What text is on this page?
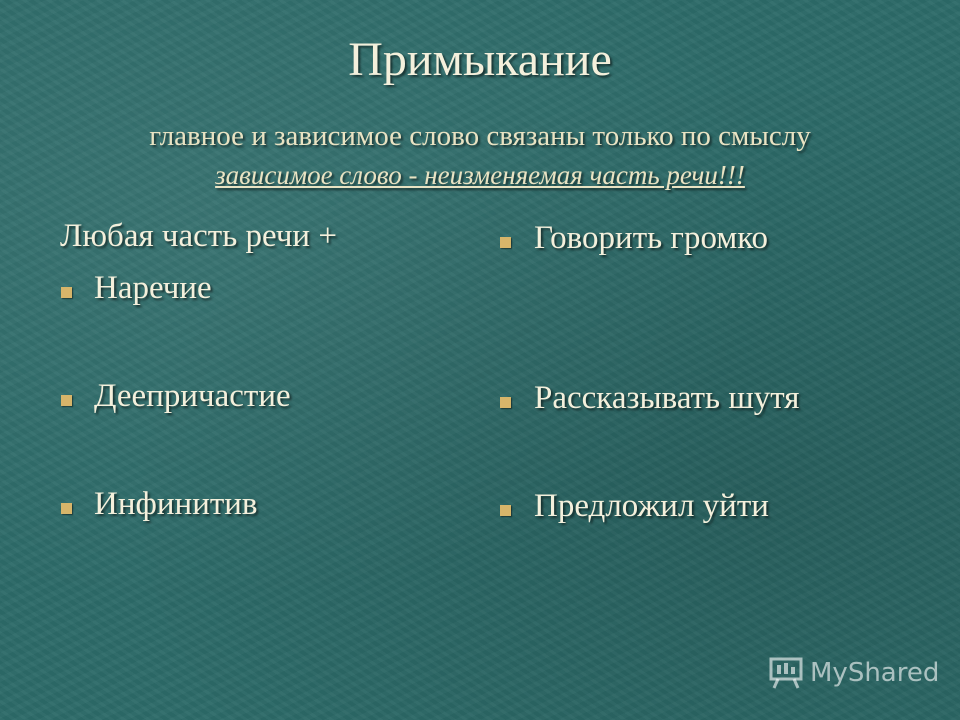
Примыкание
главное и зависимое слово связаны только по смыслу
зависимое слово - неизменяемая часть речи!!!
Любая часть речи +
Наречие
Деепричастие
Инфинитив
Говорить громко
Рассказывать шутя
Предложил уйти
MyShared
